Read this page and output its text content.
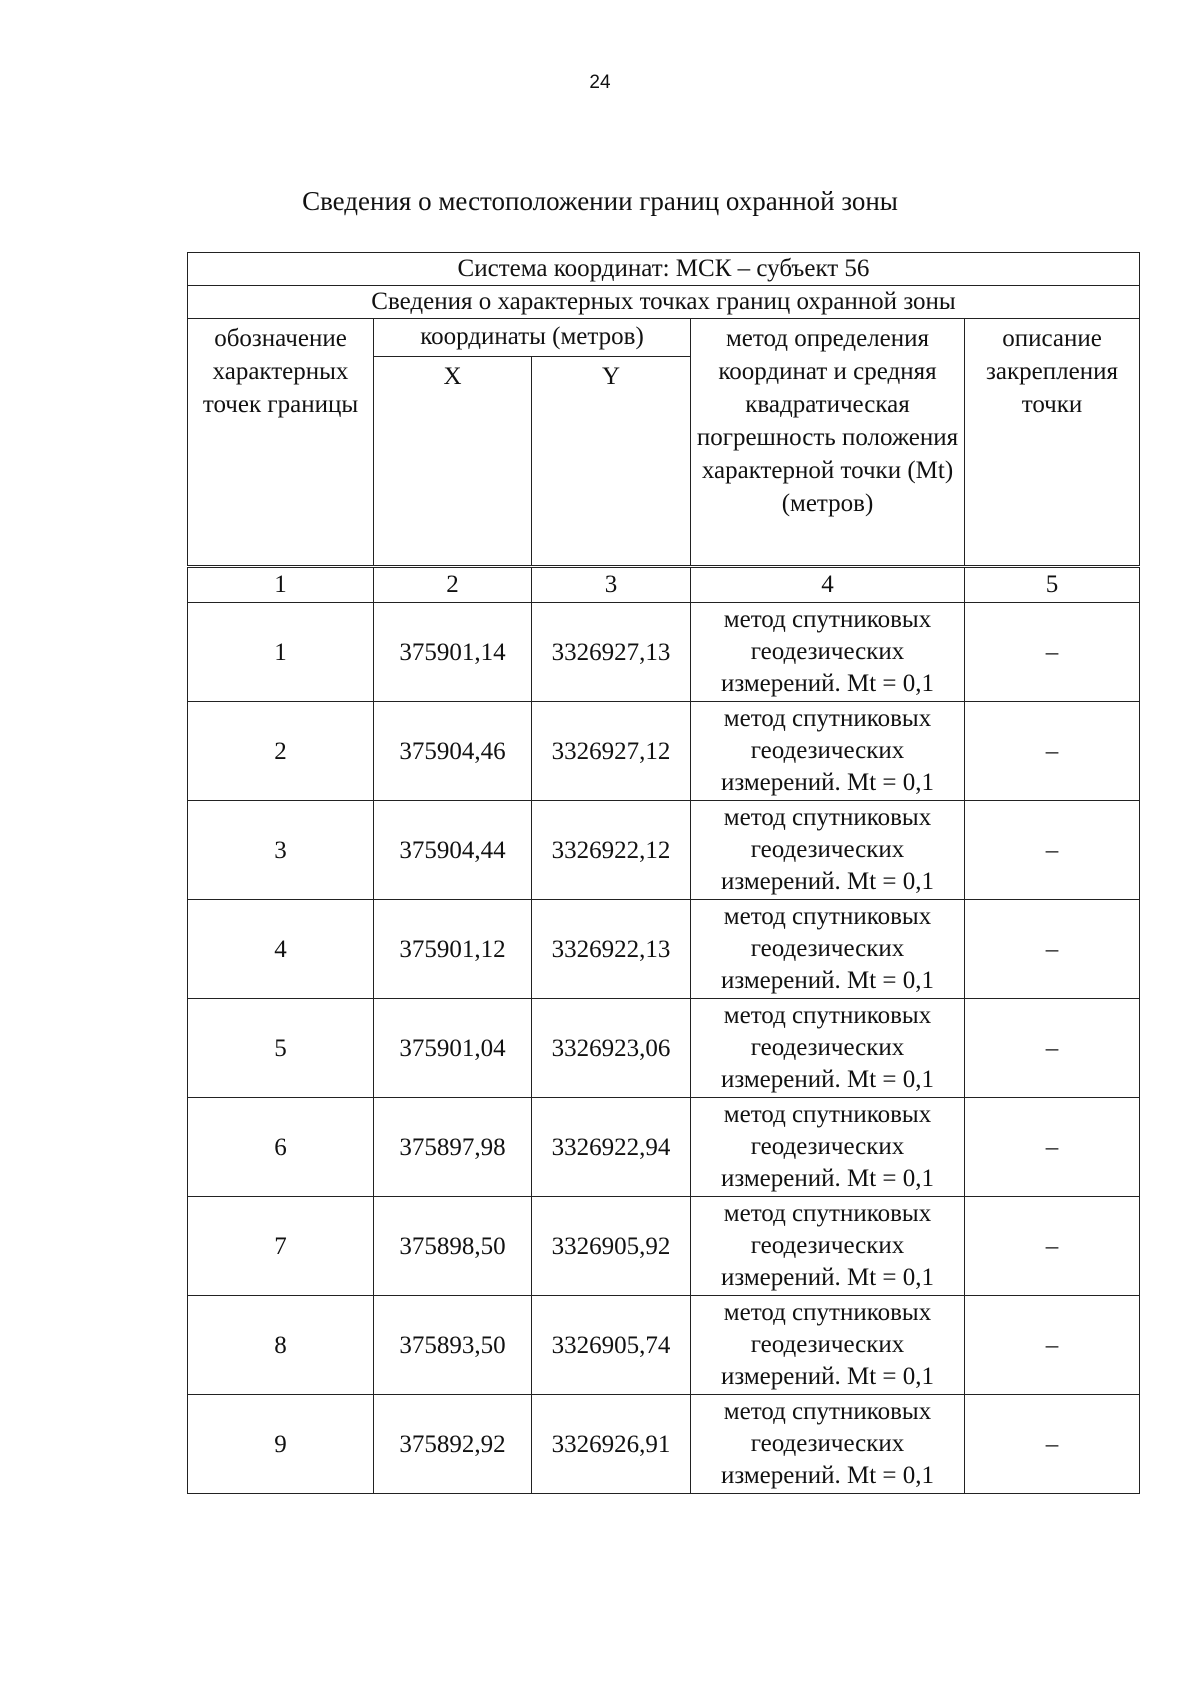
24
Сведения о местоположении границ охранной зоны
Система координат: МСК – субъект 56				
Сведения о характерных точках границ охранной зоны				
обозначение характерных точек границы	координаты (метров)		метод определения координат и средняя квадратическая погрешность положения характерной точки (Mt) (метров)	описание закрепления точки
	X	Y		
1	2	3	4	5
1	375901,14	3326927,13	метод спутниковых геодезических измерений. Mt = 0,1	–
2	375904,46	3326927,12	метод спутниковых геодезических измерений. Mt = 0,1	–
3	375904,44	3326922,12	метод спутниковых геодезических измерений. Mt = 0,1	–
4	375901,12	3326922,13	метод спутниковых геодезических измерений. Mt = 0,1	–
5	375901,04	3326923,06	метод спутниковых геодезических измерений. Mt = 0,1	–
6	375897,98	3326922,94	метод спутниковых геодезических измерений. Mt = 0,1	–
7	375898,50	3326905,92	метод спутниковых геодезических измерений. Mt = 0,1	–
8	375893,50	3326905,74	метод спутниковых геодезических измерений. Mt = 0,1	–
9	375892,92	3326926,91	метод спутниковых геодезических измерений. Mt = 0,1	–
